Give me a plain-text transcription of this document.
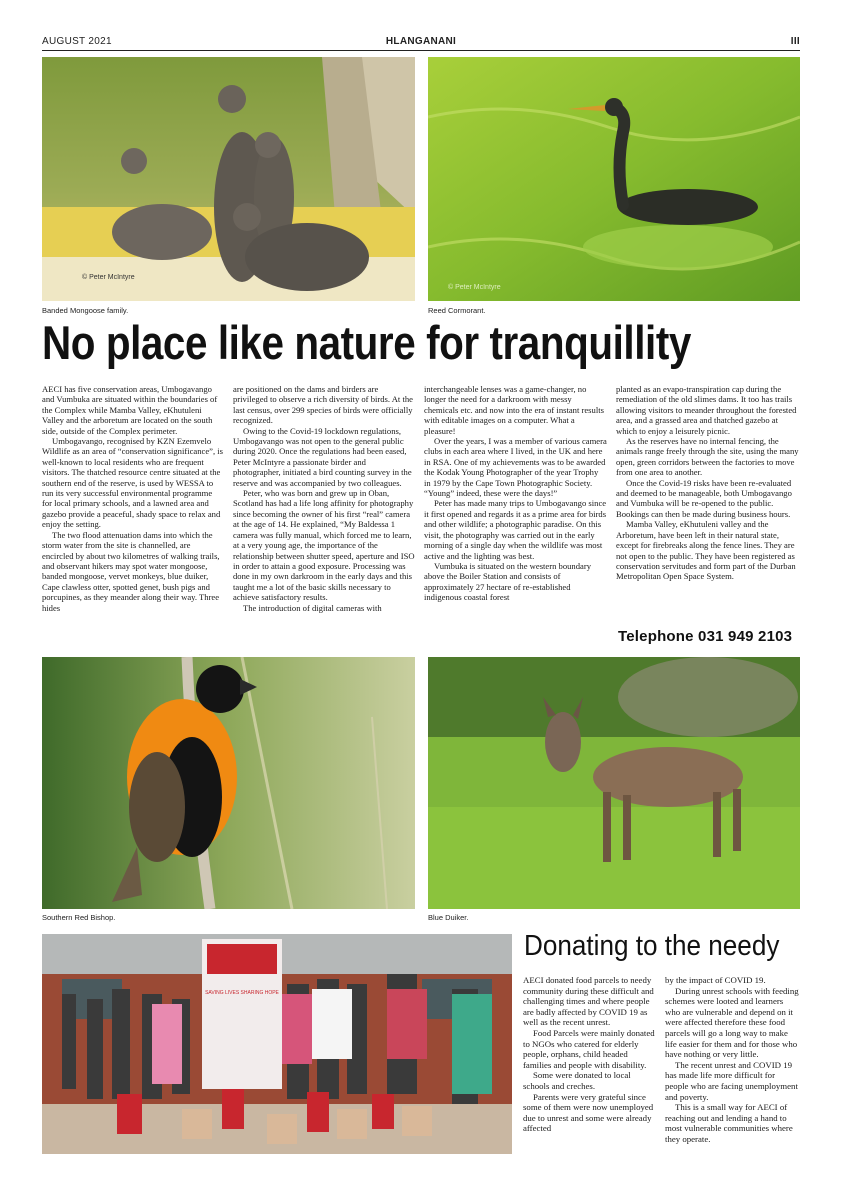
AUGUST 2021	HLANGANANI	III
© Peter McIntyre
Banded Mongoose family.
© Peter McIntyre
Reed Cormorant.
No place like nature for tranquillity

AECI has five conservation areas, Umbogavango and Vumbuka are situated within the boundaries of the Complex while Mamba Valley, eKhutuleni Valley and the arboretum are located on the south side, outside of the Complex perimeter.

Umbogavango, recognised by KZN Ezemvelo Wildlife as an area of “conservation significance”, is well-known to local residents who are frequent visitors. The thatched resource centre situated at the southern end of the reserve, is used by WESSA to run its very successful environmental programme for local primary schools, and a lawned area and gazebo provide a peaceful, shady space to relax and enjoy the setting.

The two flood attenuation dams into which the storm water from the site is channelled, are encircled by about two kilometres of walking trails, and observant hikers may spot water mongoose, banded mongoose, vervet monkeys, blue duiker, Cape clawless otter, spotted genet, bush pigs and porcupines, as they meander along their way. Three hides

are positioned on the dams and birders are privileged to observe a rich diversity of birds. At the last census, over 299 species of birds were officially recognized.

Owing to the Covid-19 lockdown regulations, Umbogavango was not open to the general public during 2020. Once the regulations had been eased, Peter McIntyre a passionate birder and photographer, initiated a bird counting survey in the reserve and was accompanied by two colleagues.

Peter, who was born and grew up in Oban, Scotland has had a life long affinity for photography since becoming the owner of his first “real” camera at the age of 14. He explained, “My Baldessa 1 camera was fully manual, which forced me to learn, at a very young age, the importance of the relationship between shutter speed, aperture and ISO in order to attain a good exposure. Processing was done in my own darkroom in the early days and this taught me a lot of the basic skills necessary to achieve satisfactory results.

The introduction of digital cameras with

interchangeable lenses was a game-changer, no longer the need for a darkroom with messy chemicals etc. and now into the era of instant results with editable images on a computer. What a pleasure!

Over the years, I was a member of various camera clubs in each area where I lived, in the UK and here in RSA. One of my achievements was to be awarded the Kodak Young Photographer of the year Trophy in 1979 by the Cape Town Photographic Society. “Young” indeed, these were the days!”

Peter has made many trips to Umbogavango since it first opened and regards it as a prime area for birds and other wildlife; a photographic paradise. On this visit, the photography was carried out in the early morning of a single day when the wildlife was most active and the lighting was best.

Vumbuka is situated on the western boundary above the Boiler Station and consists of approximately 27 hectare of re-established indigenous coastal forest

planted as an evapo-transpiration cap during the remediation of the old slimes dams. It too has trails allowing visitors to meander throughout the forested area, and a grassed area and thatched gazebo at which to enjoy a leisurely picnic.

As the reserves have no internal fencing, the animals range freely through the site, using the many open, green corridors between the factories to move from one area to another.

Once the Covid-19 risks have been re-evaluated and deemed to be manageable, both Umbogavango and Vumbuka will be re-opened to the public. Bookings can then be made during business hours.

Mamba Valley, eKhutuleni valley and the Arboretum, have been left in their natural state, except for firebreaks along the fence lines. They are not open to the public. They have been registered as conservation servitudes and form part of the Durban Metropolitan Open Space System.

Telephone 031 949 2103
Southern Red Bishop.	Blue Duiker.
SAVING LIVES SHARING HOPE
Donating to the needy

AECI donated food parcels to needy community during these difficult and challenging times and where people are badly affected by COVID 19 as well as the recent unrest.

Food Parcels were mainly donated to NGOs who catered for elderly people, orphans, child headed families and people with disability.

Some were donated to local schools and creches.

Parents were very grateful since some of them were now unemployed due to unrest and some were already affected

by the impact of COVID 19.

During unrest schools with feeding schemes were looted and learners who are vulnerable and depend on it were affected therefore these food parcels will go a long way to make life easier for them and for those who have nothing or very little.

The recent unrest and COVID 19 has made life more difficult for people who are facing unemployment and poverty.

This is a small way for AECI of reaching out and lending a hand to most vulnerable communities where they operate.
